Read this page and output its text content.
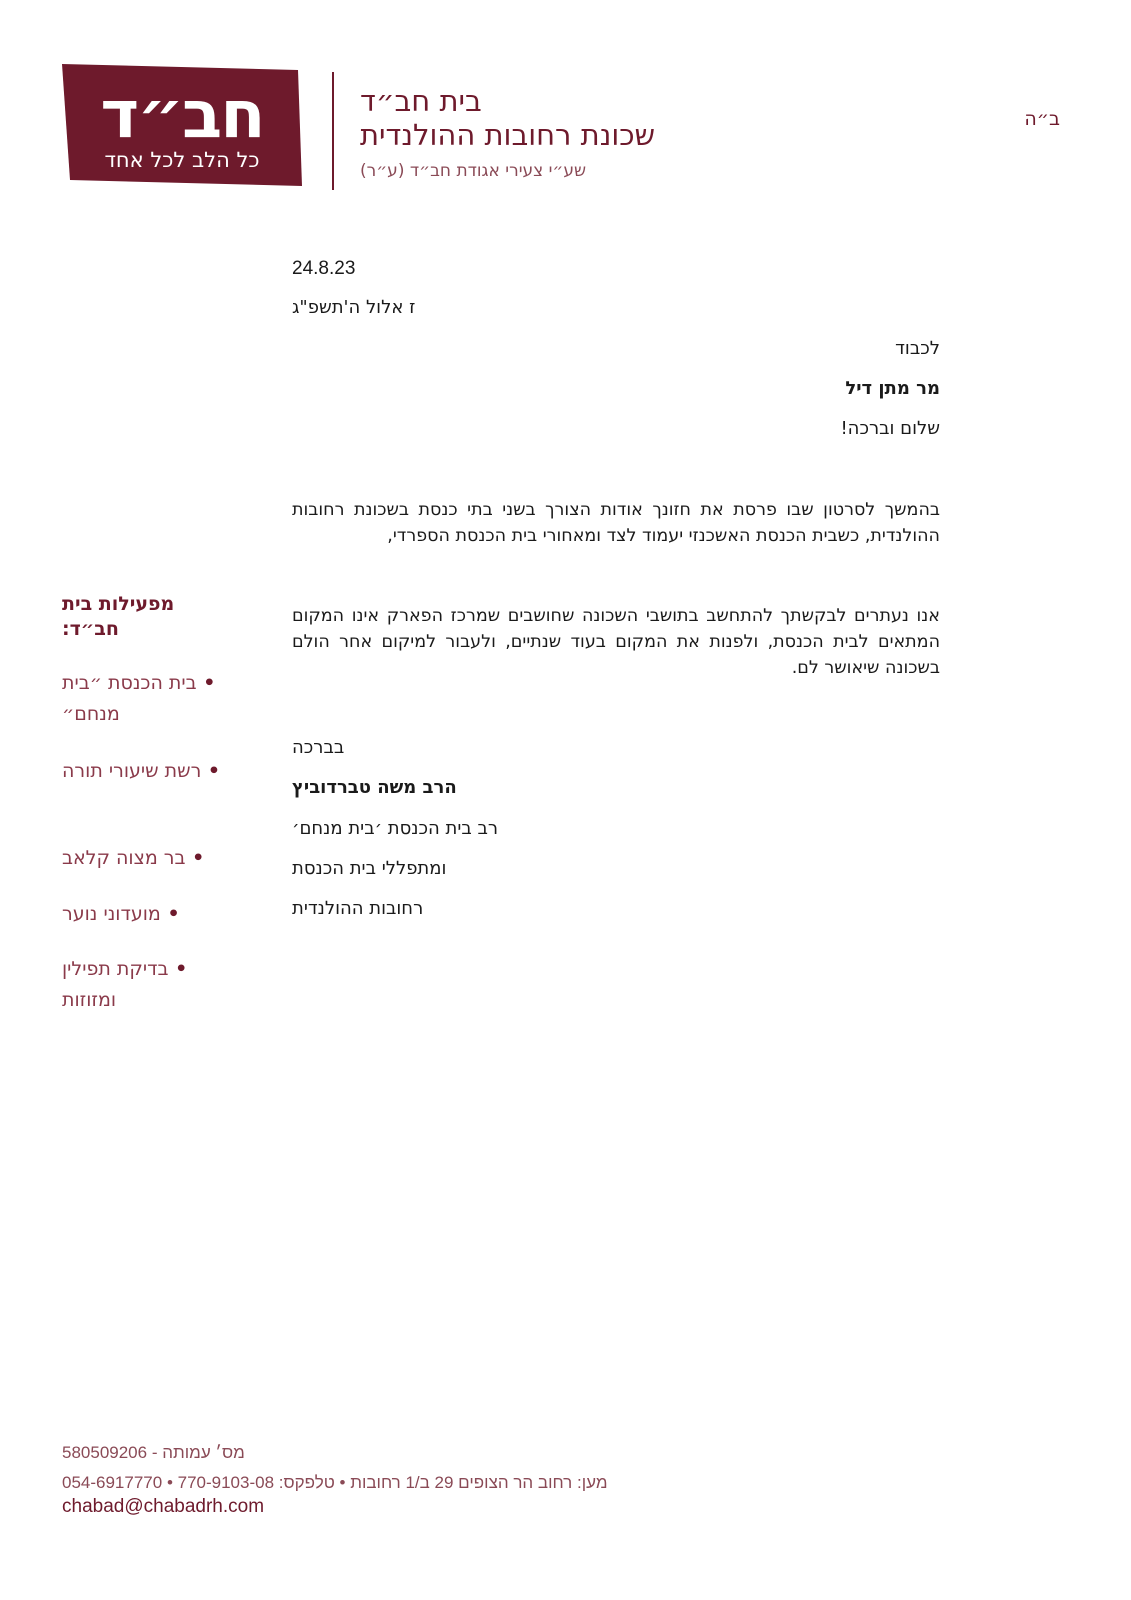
חב״ד
כל הלב לכל אחד
בית חב״ד
שכונת רחובות ההולנדית
שע״י צעירי אגודת חב״ד (ע״ר)
ב״ה
24.8.23
ז אלול ה'תשפ"ג
לכבוד
מר מתן דיל
שלום וברכה!
בהמשך לסרטון שבו פרסת את חזונך אודות הצורך בשני בתי כנסת בשכונת רחובות ההולנדית, כשבית הכנסת האשכנזי יעמוד לצד ומאחורי בית הכנסת הספרדי,
אנו נעתרים לבקשתך להתחשב בתושבי השכונה שחושבים שמרכז הפארק אינו המקום המתאים לבית הכנסת, ולפנות את המקום בעוד שנתיים, ולעבור למיקום אחר הולם בשכונה שיאושר לם.
בברכה
הרב משה טברדוביץ
רב בית הכנסת ׳בית מנחם׳
ומתפללי בית הכנסת
רחובות ההולנדית
מפעילות בית חב״ד:
• בית הכנסת ״בית מנחם״
• רשת שיעורי תורה
• בר מצוה קלאב
• מועדוני נוער
• בדיקת תפילין ומזוזות
מס׳ עמותה - 580509206
מען: רחוב הר הצופים 29 ב/1 רחובות • טלפקס: 770-9103-08 • 054-6917770
chabad@chabadrh.com
